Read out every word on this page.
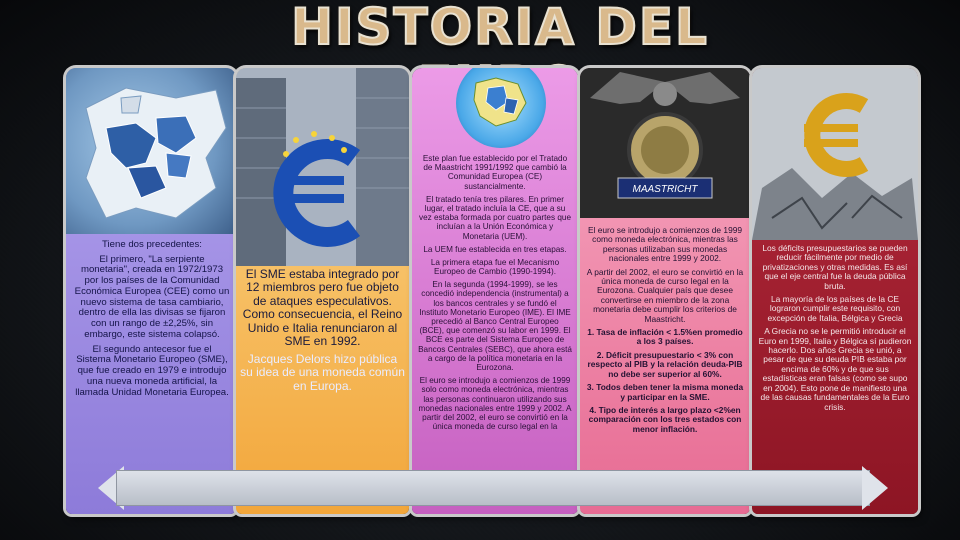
HISTORIA DEL

Tiene dos precedentes:

El primero, "La serpiente monetaria", creada en 1972/1973 por los países de la Comunidad Económica Europea (CEE) como un nuevo sistema de tasa cambiario, dentro de ella las divisas se fijaron con un rango de ±2,25%, sin embargo, este sistema colapsó.

El segundo antecesor fue el Sistema Monetario Europeo (SME), que fue creado en 1979 e introdujo una nueva moneda artificial, la llamada Unidad Monetaria Europea.

El SME estaba integrado por 12 miembros pero fue objeto de ataques especulativos. Como consecuencia, el Reino Unido e Italia renunciaron al SME en 1992.

Jacques Delors hizo pública su idea de una moneda común en Europa.

Este plan fue establecido por el Tratado de Maastricht 1991/1992 que cambió la Comunidad Europea (CE) sustancialmente.

El tratado tenía tres pilares. En primer lugar, el tratado incluía la CE, que a su vez estaba formada por cuatro partes que incluían a la Unión Económica y Monetaria (UEM).

La UEM fue establecida en tres etapas.

La primera etapa fue el Mecanismo Europeo de Cambio (1990-1994).

En la segunda (1994-1999), se les concedió independencia (instrumental) a los bancos centrales y se fundó el Instituto Monetario Europeo (IME). El IME precedió al Banco Central Europeo (BCE), que comenzó su labor en 1999. El BCE es parte del Sistema Europeo de Bancos Centrales (SEBC), que ahora está a cargo de la política monetaria en la Eurozona.

El euro se introdujo a comienzos de 1999 solo como moneda electrónica, mientras las personas continuaron utilizando sus monedas nacionales entre 1999 y 2002. A partir del 2002, el euro se convirtió en la única moneda de curso legal en la

MAASTRICHT

El euro se introdujo a comienzos de 1999 como moneda electrónica, mientras las personas utilizaban sus monedas nacionales entre 1999 y 2002.

A partir del 2002, el euro se convirtió en la única moneda de curso legal en la Eurozona. Cualquier país que desee convertirse en miembro de la zona monetaria debe cumplir los criterios de Maastricht.

1. Tasa de inflación < 1.5%en promedio a los 3 países.

2. Déficit presupuestario < 3% con respecto al PIB y la relación deuda-PIB no debe ser superior al 60%.

3. Todos deben tener la misma moneda y participar en la SME.

4. Tipo de interés a largo plazo <2%en comparación con los tres estados con menor inflación.

Los déficits presupuestarios se pueden reducir fácilmente por medio de privatizaciones y otras medidas. Es así que el eje central fue la deuda pública bruta.

La mayoría de los países de la CE lograron cumplir este requisito, con excepción de Italia, Bélgica y Grecia

A Grecia no se le permitió introducir el Euro en 1999, Italia y Bélgica sí pudieron hacerlo. Dos años Grecia se unió, a pesar de que su deuda PIB estaba por encima de 60% y de que sus estadísticas eran falsas (como se supo en 2004). Esto pone de manifiesto una de las causas fundamentales de la Euro crisis.
